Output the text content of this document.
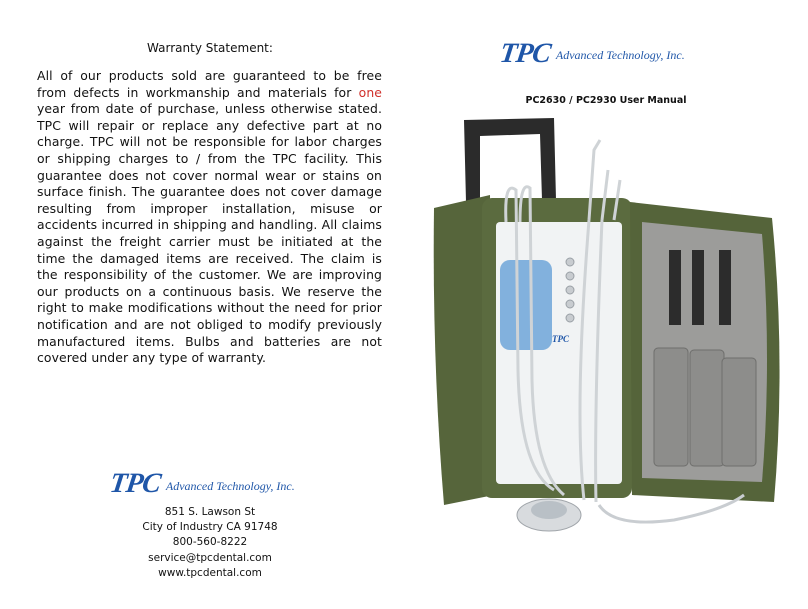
Warranty Statement:
All of our products sold are guaranteed to be free from defects in workmanship and materials for one year from date of purchase, unless otherwise stated. TPC will repair or replace any defective part at no charge. TPC will not be responsible for labor charges or shipping charges to / from the TPC facility. This guarantee does not cover normal wear or stains on surface finish. The guarantee does not cover damage resulting from improper installation, misuse or accidents incurred in shipping and handling. All claims against the freight carrier must be initiated at the time the damaged items are received. The claim is the responsibility of the customer. We are improving our products on a continuous basis. We reserve the right to make modifications without the need for prior notification and are not obliged to modify previously manufactured items. Bulbs and batteries are not covered under any type of warranty.
TPC Advanced Technology, Inc.
851 S. Lawson St
City of Industry CA 91748
800-560-8222
service@tpcdental.com
www.tpcdental.com
TPC Advanced Technology, Inc.
PC2630 / PC2930 User Manual
TPC
